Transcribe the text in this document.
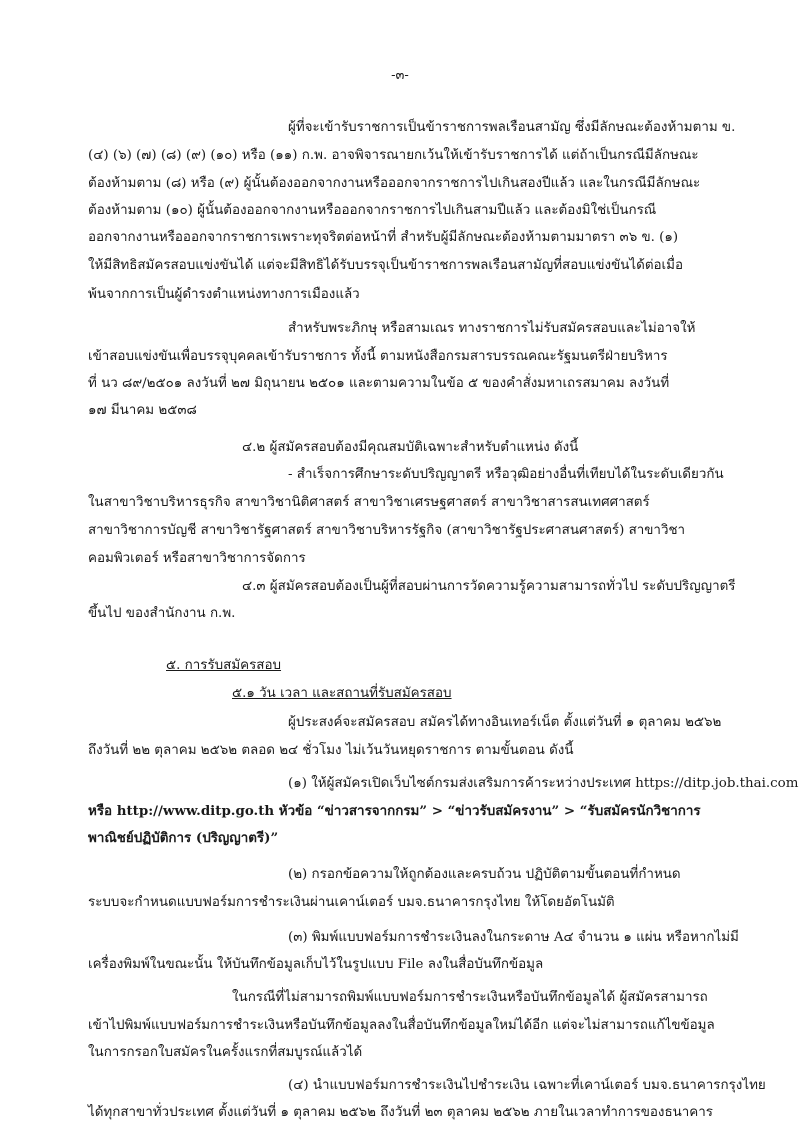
-๓-
ผู้ที่จะเข้ารับราชการเป็นข้าราชการพลเรือนสามัญ ซึ่งมีลักษณะต้องห้ามตาม ข.
(๔) (๖) (๗) (๘) (๙) (๑๐) หรือ (๑๑) ก.พ. อาจพิจารณายกเว้นให้เข้ารับราชการได้ แต่ถ้าเป็นกรณีมีลักษณะ
ต้องห้ามตาม (๘) หรือ (๙) ผู้นั้นต้องออกจากงานหรือออกจากราชการไปเกินสองปีแล้ว และในกรณีมีลักษณะ
ต้องห้ามตาม (๑๐) ผู้นั้นต้องออกจากงานหรือออกจากราชการไปเกินสามปีแล้ว และต้องมิใช่เป็นกรณี
ออกจากงานหรือออกจากราชการเพราะทุจริตต่อหน้าที่ สำหรับผู้มีลักษณะต้องห้ามตามมาตรา ๓๖ ข. (๑)
ให้มีสิทธิสมัครสอบแข่งขันได้ แต่จะมีสิทธิได้รับบรรจุเป็นข้าราชการพลเรือนสามัญที่สอบแข่งขันได้ต่อเมื่อ
พ้นจากการเป็นผู้ดำรงตำแหน่งทางการเมืองแล้ว
สำหรับพระภิกษุ หรือสามเณร ทางราชการไม่รับสมัครสอบและไม่อาจให้
เข้าสอบแข่งขันเพื่อบรรจุบุคคลเข้ารับราชการ ทั้งนี้ ตามหนังสือกรมสารบรรณคณะรัฐมนตรีฝ่ายบริหาร
ที่ นว ๘๙/๒๕๐๑ ลงวันที่ ๒๗ มิถุนายน ๒๕๐๑ และตามความในข้อ ๕ ของคำสั่งมหาเถรสมาคม ลงวันที่
๑๗ มีนาคม ๒๕๓๘
๔.๒ ผู้สมัครสอบต้องมีคุณสมบัติเฉพาะสำหรับตำแหน่ง ดังนี้
- สำเร็จการศึกษาระดับปริญญาตรี หรือวุฒิอย่างอื่นที่เทียบได้ในระดับเดียวกัน
ในสาขาวิชาบริหารธุรกิจ สาขาวิชานิติศาสตร์ สาขาวิชาเศรษฐศาสตร์ สาขาวิชาสารสนเทศศาสตร์
สาขาวิชาการบัญชี สาขาวิชารัฐศาสตร์ สาขาวิชาบริหารรัฐกิจ (สาขาวิชารัฐประศาสนศาสตร์) สาขาวิชา
คอมพิวเตอร์ หรือสาขาวิชาการจัดการ
๔.๓ ผู้สมัครสอบต้องเป็นผู้ที่สอบผ่านการวัดความรู้ความสามารถทั่วไป ระดับปริญญาตรี
ขึ้นไป ของสำนักงาน ก.พ.
๕. การรับสมัครสอบ
๕.๑ วัน เวลา และสถานที่รับสมัครสอบ
ผู้ประสงค์จะสมัครสอบ สมัครได้ทางอินเทอร์เน็ต ตั้งแต่วันที่ ๑ ตุลาคม ๒๕๖๒
ถึงวันที่ ๒๒ ตุลาคม ๒๕๖๒ ตลอด ๒๔ ชั่วโมง ไม่เว้นวันหยุดราชการ ตามขั้นตอน ดังนี้
(๑) ให้ผู้สมัครเปิดเว็บไซต์กรมส่งเสริมการค้าระหว่างประเทศ https://ditp.job.thai.com
หรือ http://www.ditp.go.th หัวข้อ “ข่าวสารจากกรม” > “ข่าวรับสมัครงาน” > “รับสมัครนักวิชาการ
พาณิชย์ปฏิบัติการ (ปริญญาตรี)”
(๒) กรอกข้อความให้ถูกต้องและครบถ้วน ปฏิบัติตามขั้นตอนที่กำหนด
ระบบจะกำหนดแบบฟอร์มการชำระเงินผ่านเคาน์เตอร์ บมจ.ธนาคารกรุงไทย ให้โดยอัตโนมัติ
(๓) พิมพ์แบบฟอร์มการชำระเงินลงในกระดาษ A๔ จำนวน ๑ แผ่น หรือหากไม่มี
เครื่องพิมพ์ในขณะนั้น ให้บันทึกข้อมูลเก็บไว้ในรูปแบบ File ลงในสื่อบันทึกข้อมูล
ในกรณีที่ไม่สามารถพิมพ์แบบฟอร์มการชำระเงินหรือบันทึกข้อมูลได้ ผู้สมัครสามารถ
เข้าไปพิมพ์แบบฟอร์มการชำระเงินหรือบันทึกข้อมูลลงในสื่อบันทึกข้อมูลใหม่ได้อีก แต่จะไม่สามารถแก้ไขข้อมูล
ในการกรอกใบสมัครในครั้งแรกที่สมบูรณ์แล้วได้
(๔) นำแบบฟอร์มการชำระเงินไปชำระเงิน เฉพาะที่เคาน์เตอร์ บมจ.ธนาคารกรุงไทย
ได้ทุกสาขาทั่วประเทศ ตั้งแต่วันที่ ๑ ตุลาคม ๒๕๖๒ ถึงวันที่ ๒๓ ตุลาคม ๒๕๖๒ ภายในเวลาทำการของธนาคาร
